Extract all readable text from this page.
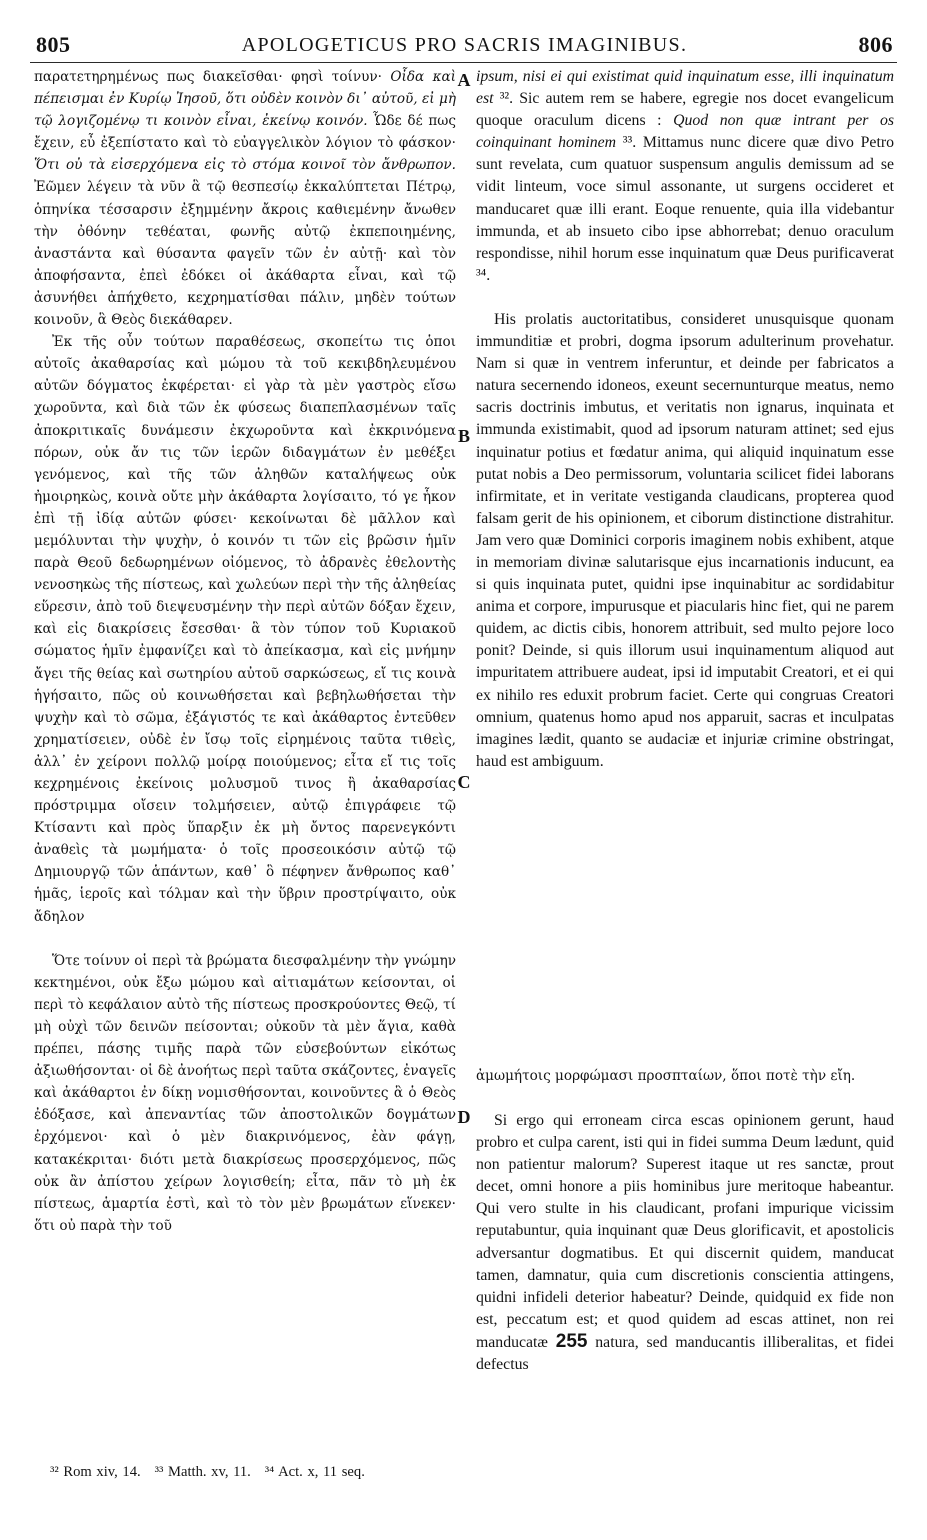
805	APOLOGETICUS PRO SACRIS IMAGINIBUS.	806

παρατετηρημένως πως διακεῖσθαι· φησὶ τοίνυν· Οἶδα καὶ πέπεισμαι ἐν Κυρίῳ Ἰησοῦ, ὅτι οὐδὲν κοινὸν δι᾽ αὐτοῦ, εἰ μὴ τῷ λογιζομένῳ τι κοινὸν εἶναι, ἐκείνῳ κοινόν. Ὧδε δέ πως ἔχειν, εὖ ἐξεπίστατο καὶ τὸ εὐαγγελικὸν λόγιον τὸ φάσκον· Ὅτι οὐ τὰ εἰσερχόμενα εἰς τὸ στόμα κοινοῖ τὸν ἄνθρωπον. Ἐῶμεν λέγειν τὰ νῦν ἃ τῷ θεσπεσίῳ ἐκκαλύπτεται Πέτρῳ, ὁπηνίκα τέσσαρσιν ἐξημμένην ἄκροις καθιεμένην ἄνωθεν τὴν ὀθόνην τεθέαται, φωνῆς αὐτῷ ἐκπεποιημένης, ἀναστάντα καὶ θύσαντα φαγεῖν τῶν ἐν αὐτῇ· καὶ τὸν ἀποφήσαντα, ἐπεὶ ἐδόκει οἱ ἀκάθαρτα εἶναι, καὶ τῷ ἀσυνήθει ἀπήχθετο, κεχρηματίσθαι πάλιν, μηδὲν τούτων κοινοῦν, ἃ Θεὸς διεκάθαρεν.

Ἐκ τῆς οὖν τούτων παραθέσεως, σκοπείτω τις ὁποι αὐτοῖς ἀκαθαρσίας καὶ μώμου τὰ τοῦ κεκιβδηλευμένου αὐτῶν δόγματος ἐκφέρεται· εἰ γὰρ τὰ μὲν γαστρὸς εἴσω χωροῦντα, καὶ διὰ τῶν ἐκ φύσεως διαπεπλασμένων ταῖς ἀποκριτικαῖς δυνάμεσιν ἐκχωροῦντα καὶ ἐκκρινόμενα πόρων, οὐκ ἄν τις τῶν ἱερῶν διδαγμάτων ἐν μεθέξει γενόμενος, καὶ τῆς τῶν ἀληθῶν καταλήψεως οὐκ ἠμοιρηκὼς, κοινὰ οὔτε μὴν ἀκάθαρτα λογίσαιτο, τό γε ἧκον ἐπὶ τῇ ἰδίᾳ αὐτῶν φύσει· κεκοίνωται δὲ μᾶλλον καὶ μεμόλυνται τὴν ψυχὴν, ὁ κοινόν τι τῶν εἰς βρῶσιν ἡμῖν παρὰ Θεοῦ δεδωρημένων οἰόμενος, τὸ ἀδρανὲς ἐθελοντὴς νενοσηκὼς τῆς πίστεως, καὶ χωλεύων περὶ τὴν τῆς ἀληθείας εὕρεσιν, ἀπὸ τοῦ διεψευσμένην τὴν περὶ αὐτῶν δόξαν ἔχειν, καὶ εἰς διακρίσεις ἔσεσθαι· ἃ τὸν τύπον τοῦ Κυριακοῦ σώματος ἡμῖν ἐμφανίζει καὶ τὸ ἀπείκασμα, καὶ εἰς μνήμην ἄγει τῆς θείας καὶ σωτηρίου αὐτοῦ σαρκώσεως, εἴ τις κοινὰ ἡγήσαιτο, πῶς οὐ κοινωθήσεται καὶ βεβηλωθήσεται τὴν ψυχὴν καὶ τὸ σῶμα, ἐξάγιστός τε καὶ ἀκάθαρτος ἐντεῦθεν χρηματίσειεν, οὐδὲ ἐν ἴσῳ τοῖς εἰρημένοις ταῦτα τιθεὶς, ἀλλ᾽ ἐν χείρονι πολλῷ μοίρᾳ ποιούμενος; εἶτα εἴ τις τοῖς κεχρημένοις ἐκείνοις μολυσμοῦ τινος ἢ ἀκαθαρσίας πρόστριμμα οἴσειν τολμήσειεν, αὐτῷ ἐπιγράφειε τῷ Κτίσαντι καὶ πρὸς ὕπαρξιν ἐκ μὴ ὄντος παρενεγκόντι ἀναθεὶς τὰ μωμήματα· ὁ τοῖς προσεοικόσιν αὐτῷ τῷ Δημιουργῷ τῶν ἁπάντων, καθ᾽ ὃ πέφηνεν ἄνθρωπος καθ᾽ ἡμᾶς, ἱεροῖς καὶ τόλμαν καὶ τὴν ὕβριν προστρίψαιτο, οὐκ ἄδηλον

Ὅτε τοίνυν οἱ περὶ τὰ βρώματα διεσφαλμένην τὴν γνώμην κεκτημένοι, οὐκ ἔξω μώμου καὶ αἰτιαμάτων κείσονται, οἱ περὶ τὸ κεφάλαιον αὐτὸ τῆς πίστεως προσκρούοντες Θεῷ, τί μὴ οὐχὶ τῶν δεινῶν πείσονται; οὐκοῦν τὰ μὲν ἅγια, καθὰ πρέπει, πάσης τιμῆς παρὰ τῶν εὐσεβούντων εἰκότως ἀξιωθήσονται· οἱ δὲ ἀνοήτως περὶ ταῦτα σκάζοντες, ἐναγεῖς καὶ ἀκάθαρτοι ἐν δίκῃ νομισθήσονται, κοινοῦντες ἃ ὁ Θεὸς ἐδόξασε, καὶ ἀπεναντίας τῶν ἀποστολικῶν δογμάτων ἐρχόμενοι· καὶ ὁ μὲν διακρινόμενος, ἐὰν φάγῃ, κατακέκριται· διότι μετὰ διακρίσεως προσερχόμενος, πῶς οὐκ ἂν ἀπίστου χείρων λογισθείη; εἶτα, πᾶν τὸ μὴ ἐκ πίστεως, ἁμαρτία ἐστὶ, καὶ τὸ τὸν μὲν βρωμάτων εἵνεκεν· ὅτι οὐ παρὰ τὴν τοῦ

A
B
C
D

ipsum, nisi ei qui existimat quid inquinatum esse, illi inquinatum est ³². Sic autem rem se habere, egregie nos docet evangelicum quoque oraculum dicens : Quod non quæ intrant per os coinquinant hominem ³³. Mittamus nunc dicere quæ divo Petro sunt revelata, cum quatuor suspensum angulis demissum ad se vidit linteum, voce simul assonante, ut surgens occideret et manducaret quæ illi erant. Eoque renuente, quia illa videbantur immunda, et ab insueto cibo ipse abhorrebat; denuo oraculum respondisse, nihil horum esse inquinatum quæ Deus purificaverat ³⁴.

His prolatis auctoritatibus, consideret unusquisque quonam immunditiæ et probri, dogma ipsorum adulterinum provehatur. Nam si quæ in ventrem inferuntur, et deinde per fabricatos a natura secernendo idoneos, exeunt secernunturque meatus, nemo sacris doctrinis imbutus, et veritatis non ignarus, inquinata et immunda existimabit, quod ad ipsorum naturam attinet; sed ejus inquinatur potius et fœdatur anima, qui aliquid inquinatum esse putat nobis a Deo permissorum, voluntaria scilicet fidei laborans infirmitate, et in veritate vestiganda claudicans, propterea quod falsam gerit de his opinionem, et ciborum distinctione distrahitur. Jam vero quæ Dominici corporis imaginem nobis exhibent, atque in memoriam divinæ salutarisque ejus incarnationis inducunt, ea si quis inquinata putet, quidni ipse inquinabitur ac sordidabitur anima et corpore, impurusque et piacularis hinc fiet, qui ne parem quidem, ac dictis cibis, honorem attribuit, sed multo pejore loco ponit? Deinde, si quis illorum usui inquinamentum aliquod aut impuritatem attribuere audeat, ipsi id imputabit Creatori, et ei qui ex nihilo res eduxit probrum faciet. Certe qui congruas Creatori omnium, quatenus homo apud nos apparuit, sacras et inculpatas imagines lædit, quanto se audaciæ et injuriæ crimine obstringat, haud est ambiguum.

ἀμωμήτοις μορφώμασι προσπταίων, ὅποι ποτὲ τὴν εἴη.

Si ergo qui erroneam circa escas opinionem gerunt, haud probro et culpa carent, isti qui in fidei summa Deum lædunt, quid non patientur malorum? Superest itaque ut res sanctæ, prout decet, omni honore a piis hominibus jure meritoque habeantur. Qui vero stulte in his claudicant, profani impurique vicissim reputabuntur, quia inquinant quæ Deus glorificavit, et apostolicis adversantur dogmatibus. Et qui discernit quidem, manducat tamen, damnatur, quia cum discretionis conscientia attingens, quidni infideli deterior habeatur? Deinde, quidquid ex fide non est, peccatum est; et quod quidem ad escas attinet, non rei manducatæ 255 natura, sed manducantis illiberalitas, et fidei defectus

³² Rom xiv, 14. ³³ Matth. xv, 11. ³⁴ Act. x, 11 seq.
